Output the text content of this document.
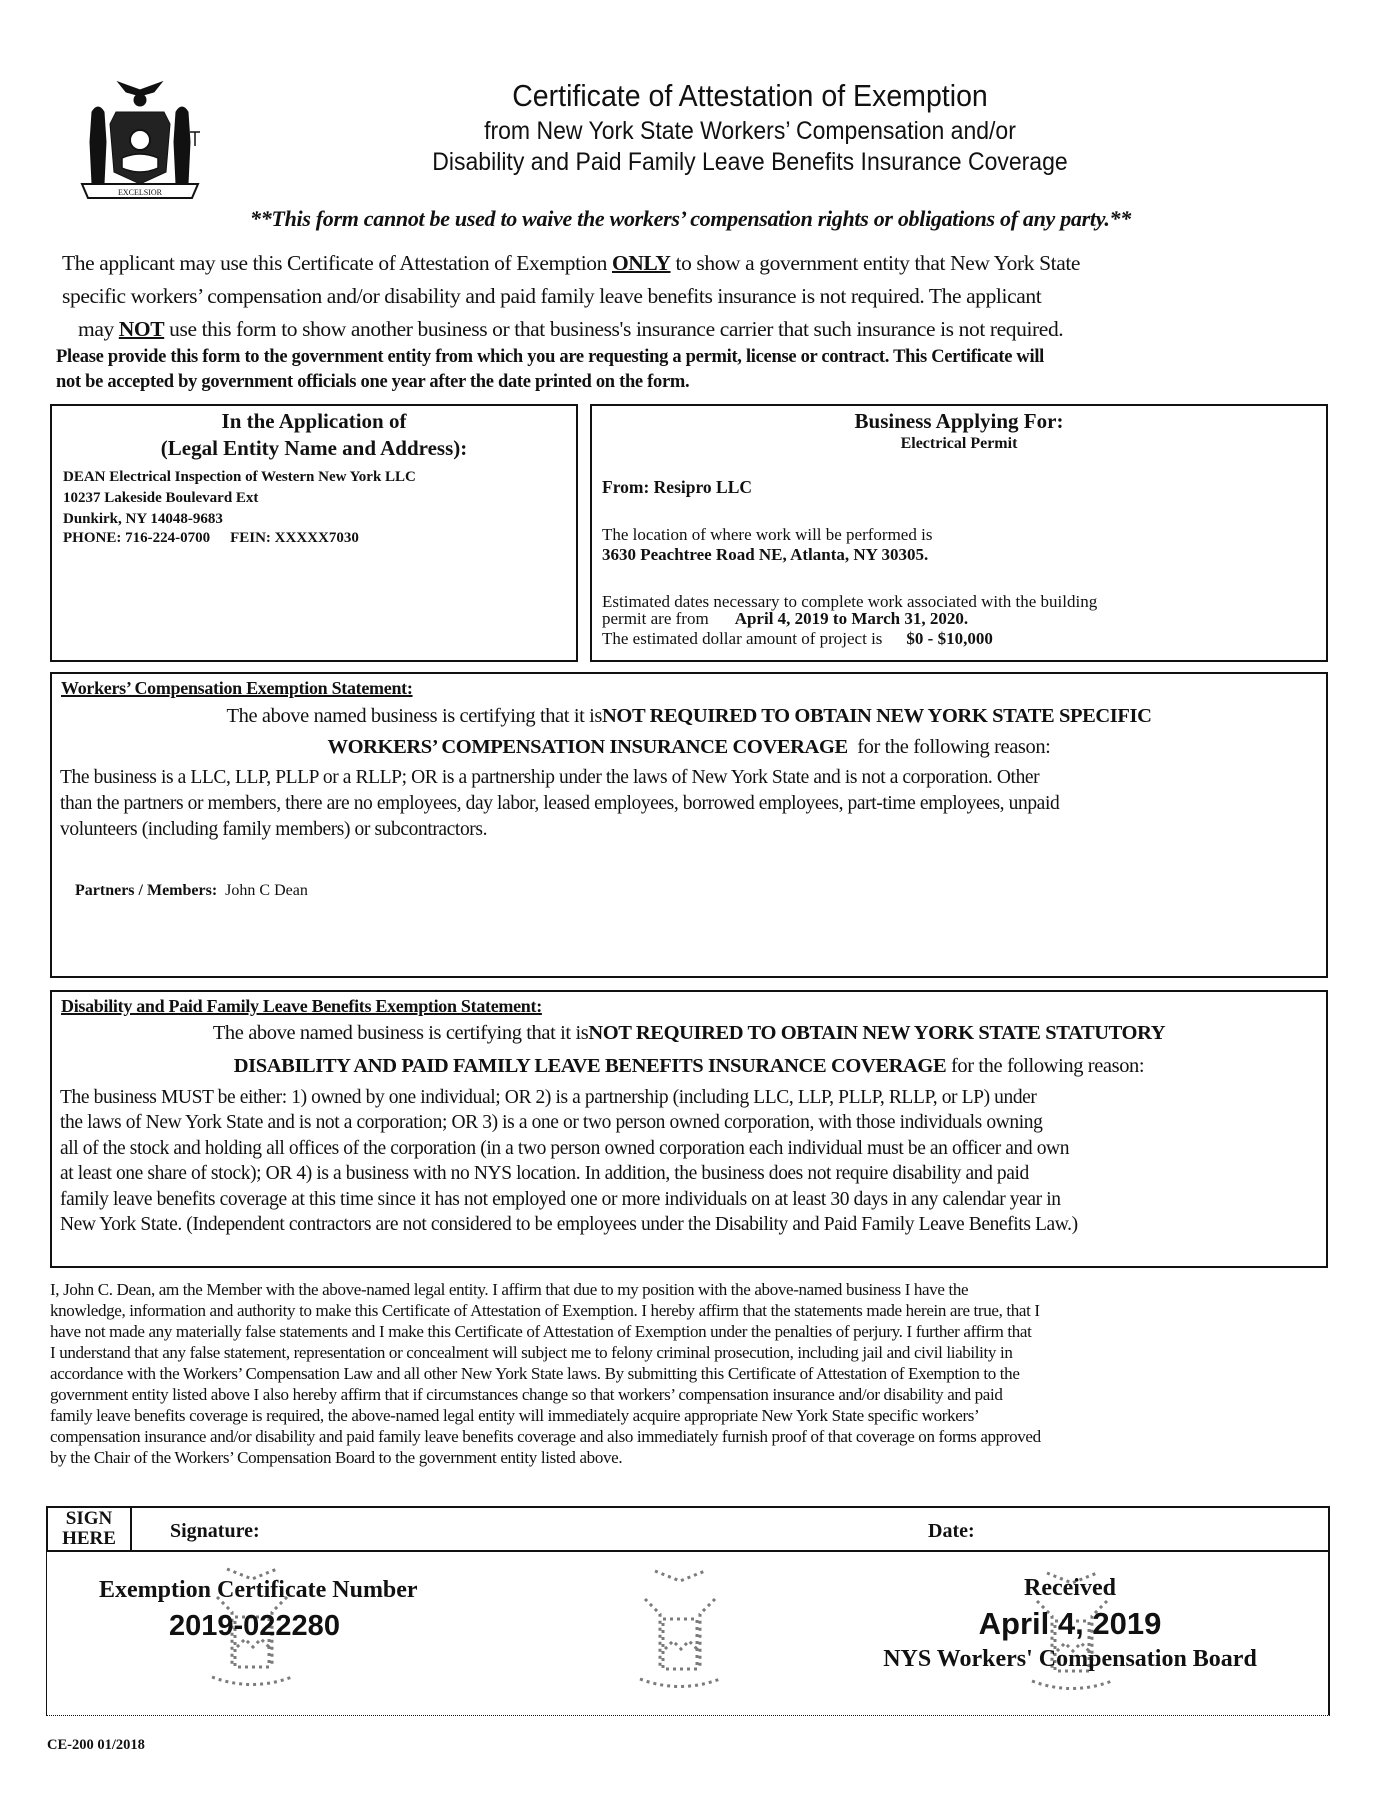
EXCELSIOR
Certificate of Attestation of Exemption
from New York State Workers’ Compensation and/or
Disability and Paid Family Leave Benefits Insurance Coverage
**This form cannot be used to waive the workers’ compensation rights or obligations of any party.**
The applicant may use this Certificate of Attestation of Exemption ONLY to show a government entity that New York State
specific workers’ compensation and/or disability and paid family leave benefits insurance is not required. The applicant
may NOT use this form to show another business or that business's insurance carrier that such insurance is not required.
Please provide this form to the government entity from which you are requesting a permit, license or contract. This Certificate will
not be accepted by government officials one year after the date printed on the form.
In the Application of
(Legal Entity Name and Address):
DEAN Electrical Inspection of Western New York LLC
10237 Lakeside Boulevard Ext
Dunkirk, NY 14048-9683
PHONE: 716-224-0700 FEIN: XXXXX7030
Business Applying For:
Electrical Permit
From: Resipro LLC
The location of where work will be performed is
3630 Peachtree Road NE, Atlanta, NY 30305.
Estimated dates necessary to complete work associated with the building
permit are from April 4, 2019 to March 31, 2020.
The estimated dollar amount of project is $0 - $10,000
Workers’ Compensation Exemption Statement:
The above named business is certifying that it isNOT REQUIRED TO OBTAIN NEW YORK STATE SPECIFIC
WORKERS’ COMPENSATION INSURANCE COVERAGE  for the following reason:
The business is a LLC, LLP, PLLP or a RLLP; OR is a partnership under the laws of New York State and is not a corporation. Other
than the partners or members, there are no employees, day labor, leased employees, borrowed employees, part-time employees, unpaid
volunteers (including family members) or subcontractors.
Partners / Members: John C Dean
Disability and Paid Family Leave Benefits Exemption Statement:
The above named business is certifying that it isNOT REQUIRED TO OBTAIN NEW YORK STATE STATUTORY
DISABILITY AND PAID FAMILY LEAVE BENEFITS INSURANCE COVERAGE for the following reason:
The business MUST be either: 1) owned by one individual; OR 2) is a partnership (including LLC, LLP, PLLP, RLLP, or LP) under
the laws of New York State and is not a corporation; OR 3) is a one or two person owned corporation, with those individuals owning
all of the stock and holding all offices of the corporation (in a two person owned corporation each individual must be an officer and own
at least one share of stock); OR 4) is a business with no NYS location. In addition, the business does not require disability and paid
family leave benefits coverage at this time since it has not employed one or more individuals on at least 30 days in any calendar year in
New York State. (Independent contractors are not considered to be employees under the Disability and Paid Family Leave Benefits Law.)
I, John C. Dean, am the Member with the above-named legal entity. I affirm that due to my position with the above-named business I have the
knowledge, information and authority to make this Certificate of Attestation of Exemption. I hereby affirm that the statements made herein are true, that I
have not made any materially false statements and I make this Certificate of Attestation of Exemption under the penalties of perjury. I further affirm that
I understand that any false statement, representation or concealment will subject me to felony criminal prosecution, including jail and civil liability in
accordance with the Workers’ Compensation Law and all other New York State laws. By submitting this Certificate of Attestation of Exemption to the
government entity listed above I also hereby affirm that if circumstances change so that workers’ compensation insurance and/or disability and paid
family leave benefits coverage is required, the above-named legal entity will immediately acquire appropriate New York State specific workers’
compensation insurance and/or disability and paid family leave benefits coverage and also immediately furnish proof of that coverage on forms approved
by the Chair of the Workers’ Compensation Board to the government entity listed above.
SIGN
HERE	Signature:	Date:
Exemption Certificate Number
2019-022280
Received
April 4, 2019
NYS Workers' Compensation Board
CE-200 01/2018
